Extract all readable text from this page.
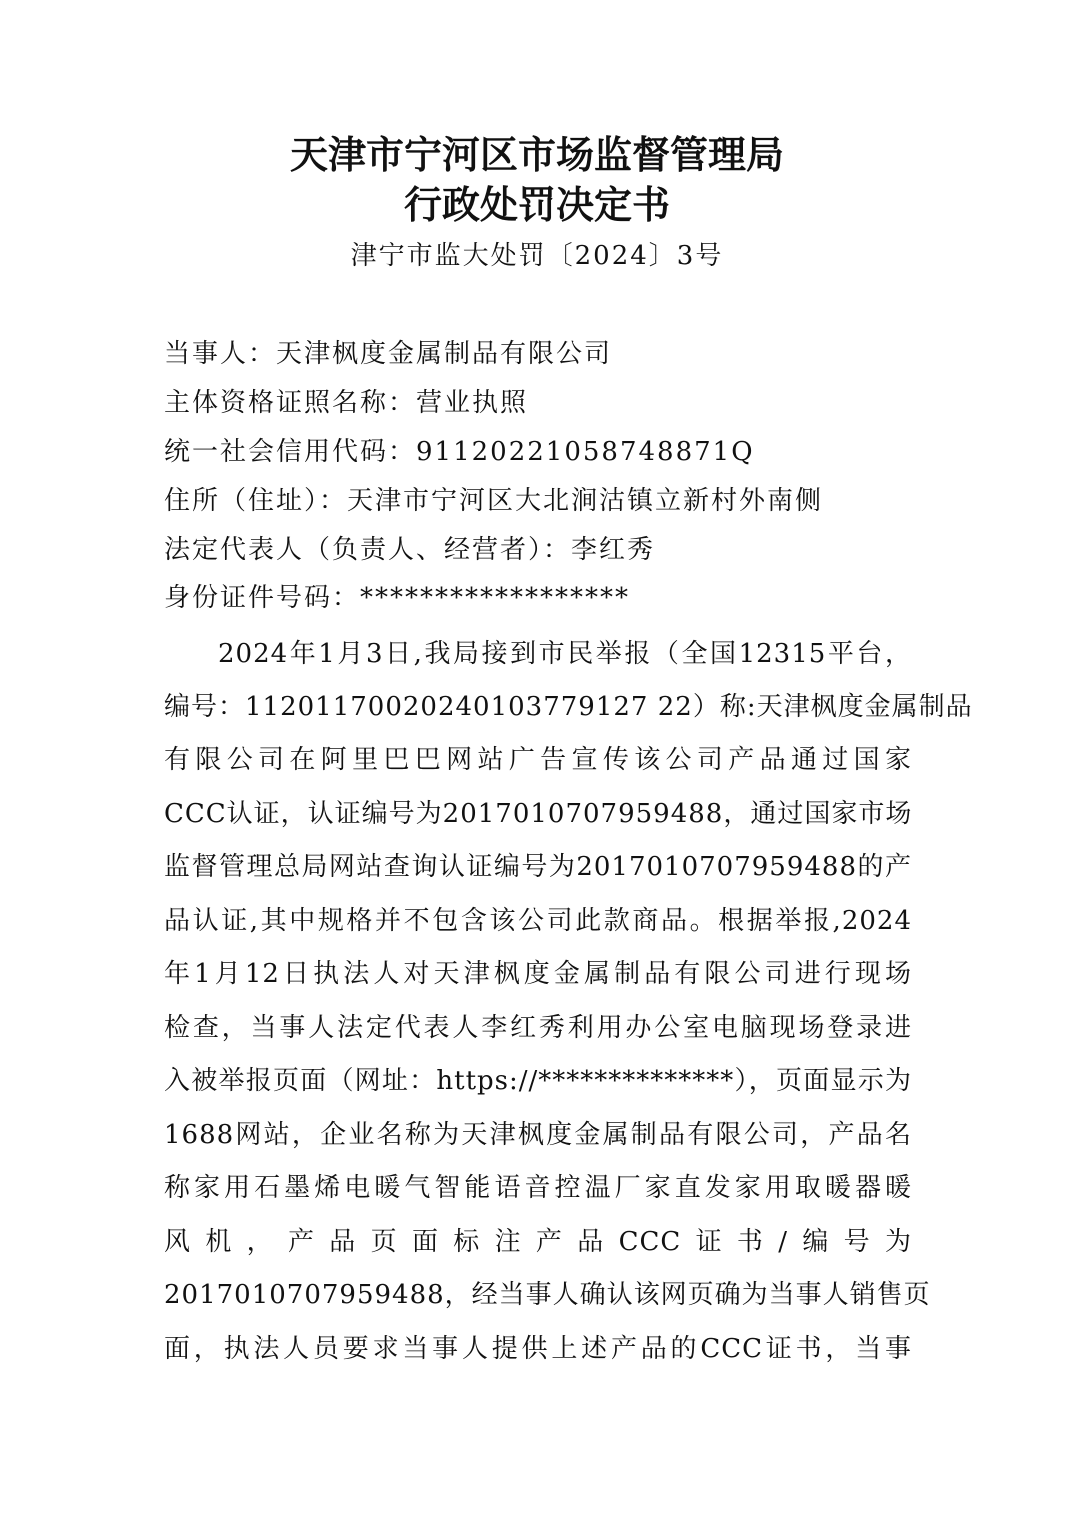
天津市宁河区市场监督管理局
行政处罚决定书
津宁市监大处罚〔2024〕3号
当事人：天津枫度金属制品有限公司
主体资格证照名称：营业执照
统一社会信用代码：91120221058748871Q
住所（住址）：天津市宁河区大北涧沽镇立新村外南侧
法定代表人（负责人、经营者）：李红秀
身份证件号码：******************
2024年1月3日,我局接到市民举报（全国12315平台，
编号：11201170020240103779127 22）称:天津枫度金属制品
有限公司在阿里巴巴网站广告宣传该公司产品通过国家
CCC认证，认证编号为2017010707959488，通过国家市场
监督管理总局网站查询认证编号为2017010707959488的产
品认证,其中规格并不包含该公司此款商品。根据举报,2024
年1月12日执法人对天津枫度金属制品有限公司进行现场
检查，当事人法定代表人李红秀利用办公室电脑现场登录进
入被举报页面（网址：https://**************），页面显示为
1688网站，企业名称为天津枫度金属制品有限公司，产品名
称家用石墨烯电暖气智能语音控温厂家直发家用取暖器暖
风机，产品页面标注产品CCC证书/编号为
2017010707959488，经当事人确认该网页确为当事人销售页
面，执法人员要求当事人提供上述产品的CCC证书，当事
